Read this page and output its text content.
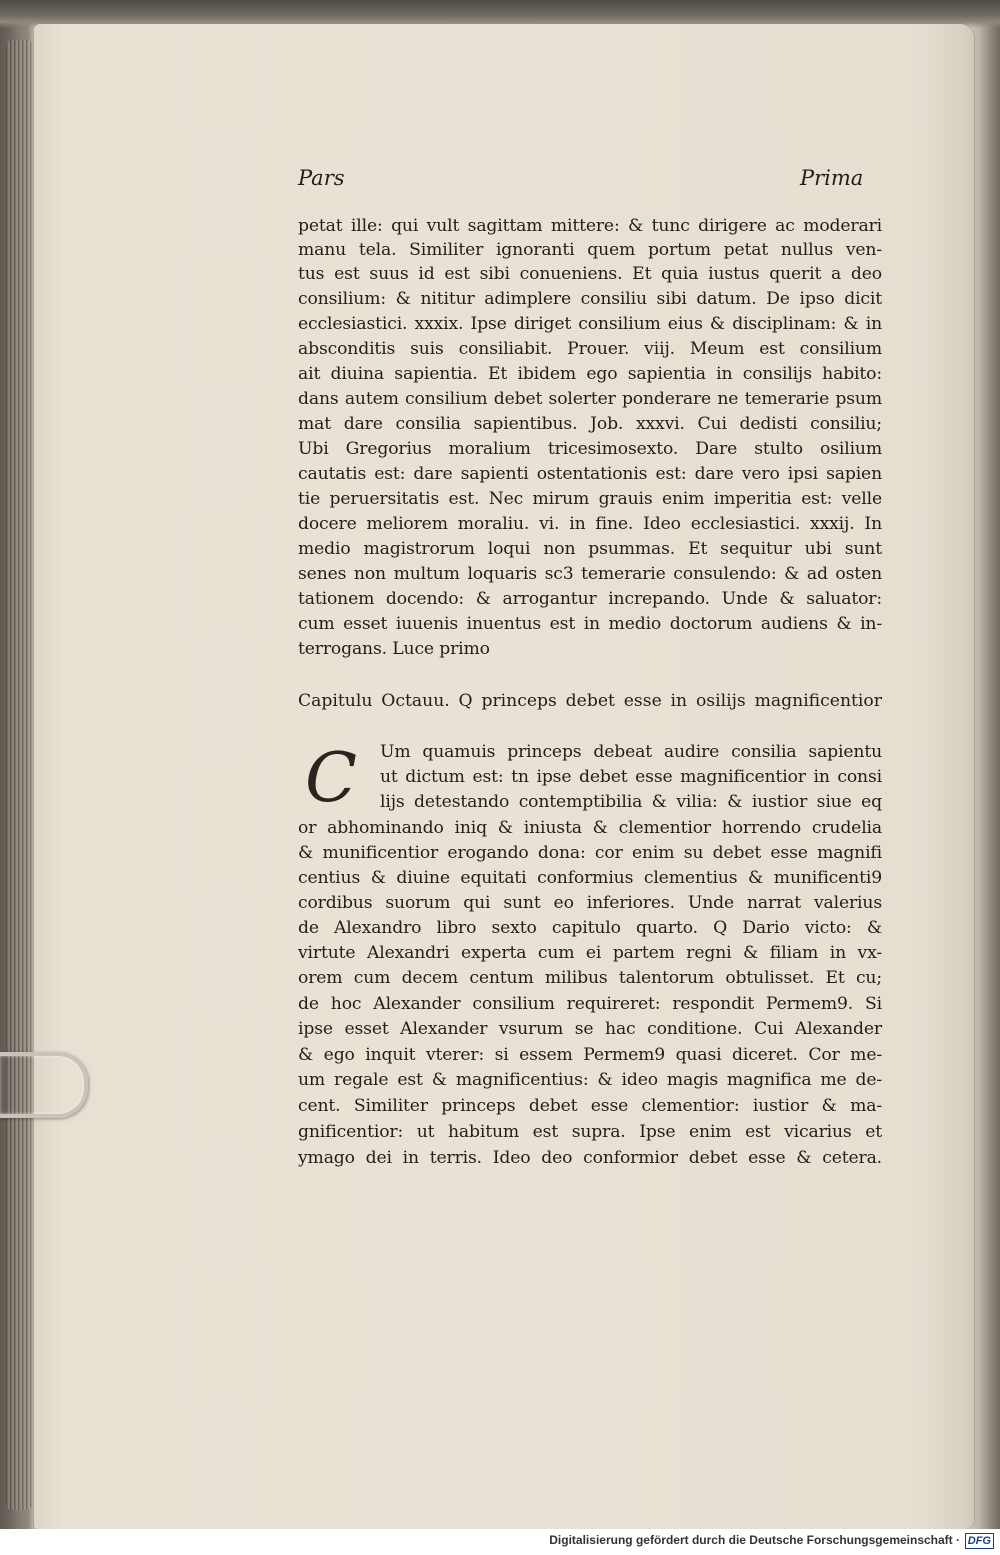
Pars	Prima
petat ille: qui vult sagittam mittere: & tunc dirigere ac moderari
manu tela. Similiter ignoranti quem portum petat nullus ven-
tus est suus id est sibi conueniens. Et quia iustus querit a deo
consilium: & nititur adimplere consiliu sibi datum. De ipso dicit
ecclesiastici. xxxix. Ipse diriget consilium eius & disciplinam: & in
absconditis suis consiliabit. Prouer. viij. Meum est consilium
ait diuina sapientia. Et ibidem ego sapientia in consilijs habito:
dans autem consilium debet solerter ponderare ne temerarie psum
mat dare consilia sapientibus. Job. xxxvi. Cui dedisti consiliu;
Ubi Gregorius moralium tricesimosexto. Dare stulto osilium
cautatis est: dare sapienti ostentationis est: dare vero ipsi sapien
tie peruersitatis est. Nec mirum grauis enim imperitia est: velle
docere meliorem moraliu. vi. in fine. Ideo ecclesiastici. xxxij. In
medio magistrorum loqui non psummas. Et sequitur ubi sunt
senes non multum loquaris sc3 temerarie consulendo: & ad osten
tationem docendo: & arrogantur increpando. Unde & saluator:
cum esset iuuenis inuentus est in medio doctorum audiens & in-
terrogans. Luce primo
Capitulu Octauu. Q princeps debet esse in osilijs magnificentior
C Um quamuis princeps debeat audire consilia sapientu
ut dictum est: tn ipse debet esse magnificentior in consi
lijs detestando contemptibilia & vilia: & iustior siue eq
or abhominando iniq & iniusta & clementior horrendo crudelia
& munificentior erogando dona: cor enim su debet esse magnifi
centius & diuine equitati conformius clementius & munificenti9
cordibus suorum qui sunt eo inferiores. Unde narrat valerius
de Alexandro libro sexto capitulo quarto. Q Dario victo: &
virtute Alexandri experta cum ei partem regni & filiam in vx-
orem cum decem centum milibus talentorum obtulisset. Et cu;
de hoc Alexander consilium requireret: respondit Permem9. Si
ipse esset Alexander vsurum se hac conditione. Cui Alexander
& ego inquit vterer: si essem Permem9 quasi diceret. Cor me-
um regale est & magnificentius: & ideo magis magnifica me de-
cent. Similiter princeps debet esse clementior: iustior & ma-
gnificentior: ut habitum est supra. Ipse enim est vicarius et
ymago dei in terris. Ideo deo conformior debet esse & cetera.
Digitalisierung gefördert durch die Deutsche Forschungsgemeinschaft · DFG
